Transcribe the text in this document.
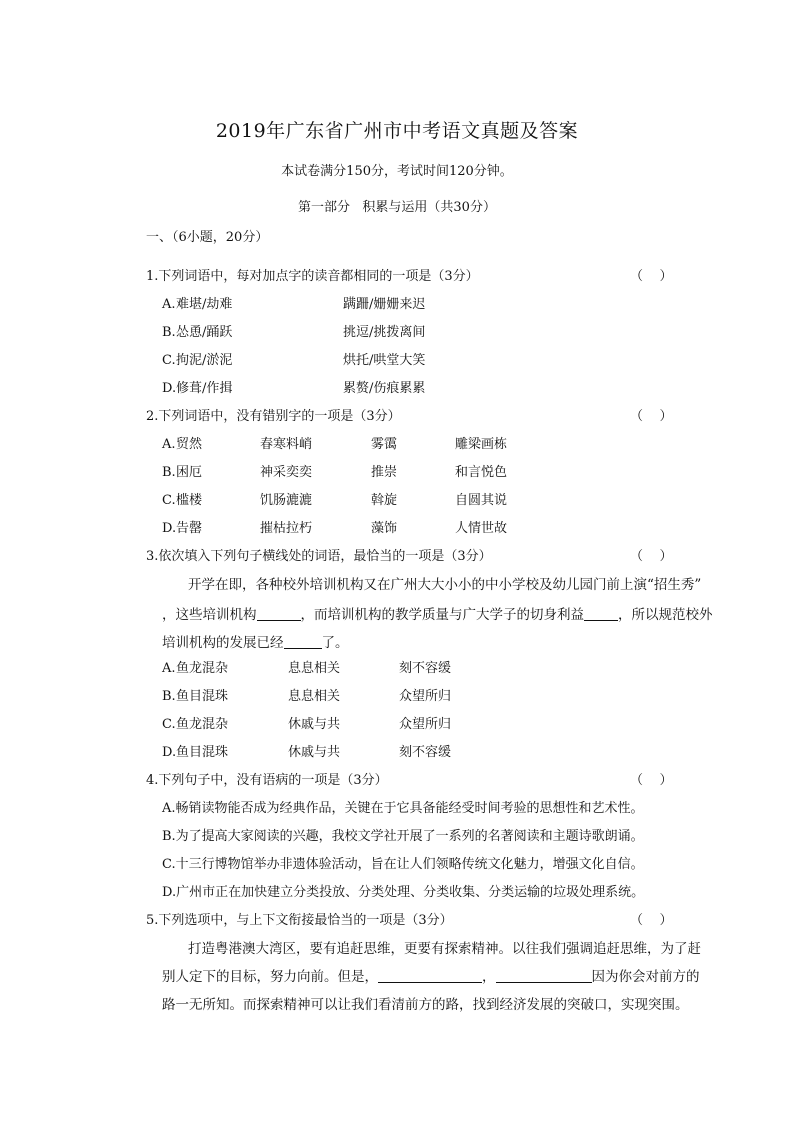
2019年广东省广州市中考语文真题及答案
本试卷满分150分，考试时间120分钟。
第一部分   积累与运用（共30分）
一、（6小题，20分）
1.下列词语中，每对加点字的读音都相同的一项是（3分）	（    ）
A. 难堪/劫难	蹒跚/姗姗来迟
B. 怂恿/踊跃	挑逗/挑拨离间
C. 拘泥/淤泥	烘托/哄堂大笑
D. 修葺/作揖	累赘/伤痕累累
2.下列词语中，没有错别字的一项是（3分）	（    ）
A. 贸然	春寒料峭	雾霭	雕梁画栋
B. 困厄	神采奕奕	推崇	和言悦色
C. 槛楼	饥肠漉漉	斡旋	自圆其说
D. 告罄	摧枯拉朽	藻饰	人情世故
3.依次填入下列句子横线处的词语，最恰当的一项是（3分）	（    ）
开学在即，各种校外培训机构又在广州大大小小的中小学校及幼儿园门前上演“招生秀”
，这些培训机构	，而培训机构的教学质量与广大学子的切身利益	，所以规范校外
培训机构的发展已经	了。
A. 鱼龙混杂	息息相关	刻不容缓
B. 鱼目混珠	息息相关	众望所归
C. 鱼龙混杂	休戚与共	众望所归
D. 鱼目混珠	休戚与共	刻不容缓
4.下列句子中，没有语病的一项是（3分）	（    ）
A.畅销读物能否成为经典作品，关键在于它具备能经受时间考验的思想性和艺术性。
B.为了提高大家阅读的兴趣，我校文学社开展了一系列的名著阅读和主题诗歌朗诵。
C.十三行博物馆举办非遗体验活动，旨在让人们领略传统文化魅力，增强文化自信。
D.广州市正在加快建立分类投放、分类处理、分类收集、分类运输的垃圾处理系统。
5.下列选项中，与上下文衔接最恰当的一项是（3分）	（    ）
打造粤港澳大湾区，要有追赶思维，更要有探索精神。以往我们强调追赶思维，为了赶
别人定下的目标，努力向前。但是，	，	因为你会对前方的
路一无所知。而探索精神可以让我们看清前方的路，找到经济发展的突破口，实现突围。
